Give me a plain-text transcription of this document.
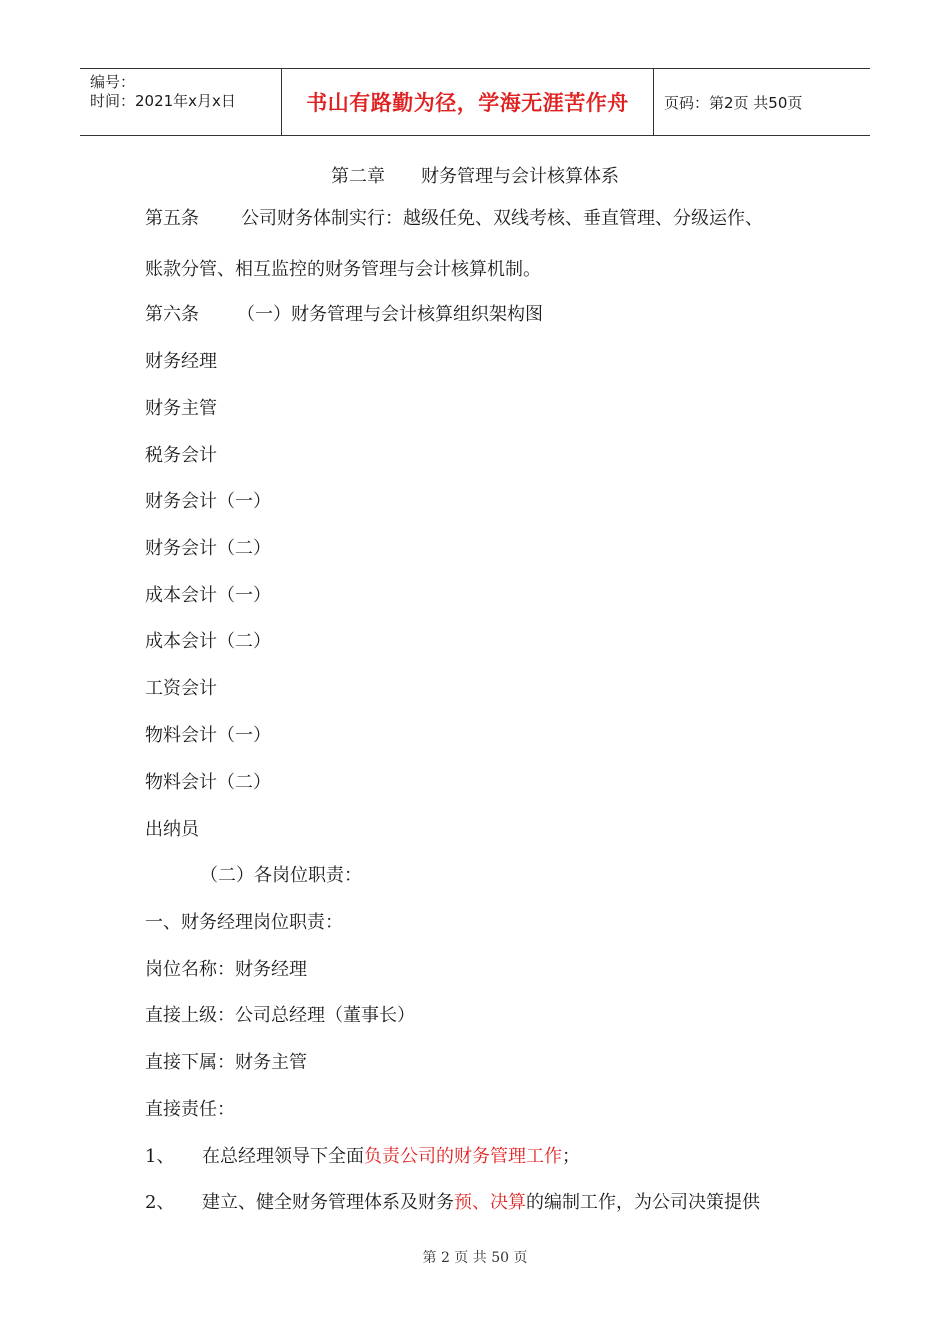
编号：
时间：2021年x月x日	书山有路勤为径，学海无涯苦作舟	页码：第2页 共50页
第二章　　财务管理与会计核算体系
第五条 公司财务体制实行：越级任免、双线考核、垂直管理、分级运作、
账款分管、相互监控的财务管理与会计核算机制。
第六条 （一）财务管理与会计核算组织架构图
财务经理
财务主管
税务会计
财务会计（一）
财务会计（二）
成本会计（一）
成本会计（二）
工资会计
物料会计（一）
物料会计（二）
出纳员
（二）各岗位职责：
一、财务经理岗位职责：
岗位名称：财务经理
直接上级：公司总经理（董事长）
直接下属：财务主管
直接责任：
1、 在总经理领导下全面负责公司的财务管理工作；
2、 建立、健全财务管理体系及财务预、决算的编制工作，为公司决策提供
第 2 页 共 50 页
